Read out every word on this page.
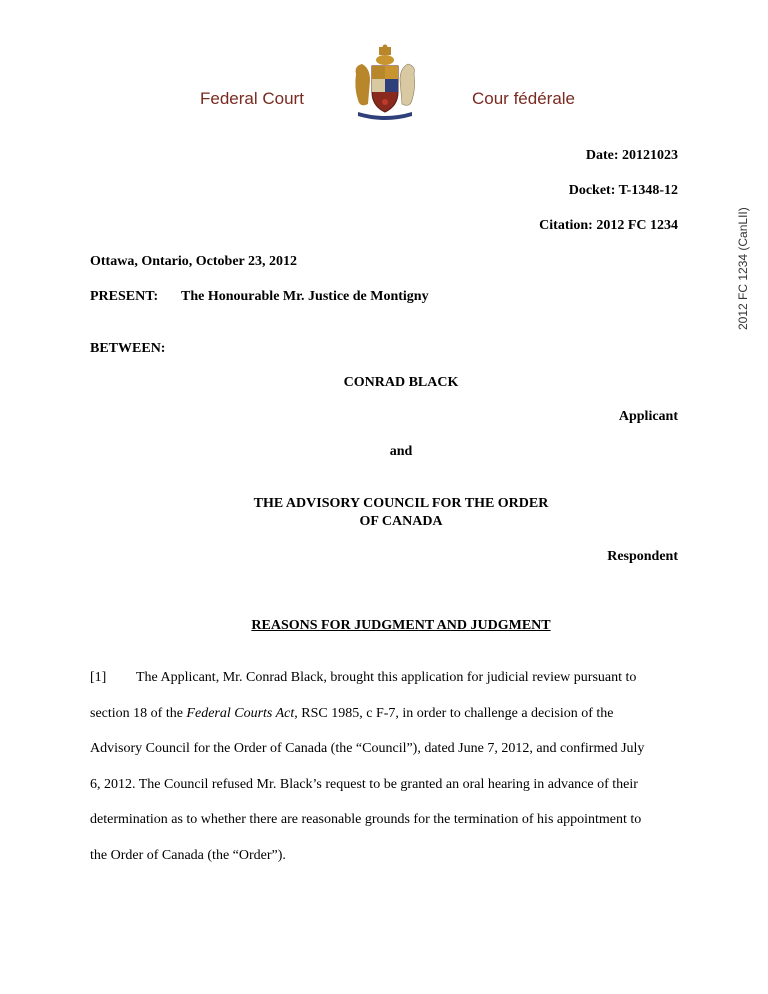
Federal Court	Cour fédérale
Date: 20121023
Docket: T-1348-12
Citation: 2012 FC 1234	2012 FC 1234 (CanLII)
Ottawa, Ontario, October 23, 2012
PRESENT: The Honourable Mr. Justice de Montigny
BETWEEN:
CONRAD BLACK
Applicant
and
THE ADVISORY COUNCIL FOR THE ORDER
OF CANADA
Respondent
REASONS FOR JUDGMENT AND JUDGMENT
[1] The Applicant, Mr. Conrad Black, brought this application for judicial review pursuant to
section 18 of the Federal Courts Act, RSC 1985, c F-7, in order to challenge a decision of the
Advisory Council for the Order of Canada (the “Council”), dated June 7, 2012, and confirmed July
6, 2012. The Council refused Mr. Black’s request to be granted an oral hearing in advance of their
determination as to whether there are reasonable grounds for the termination of his appointment to
the Order of Canada (the “Order”).
